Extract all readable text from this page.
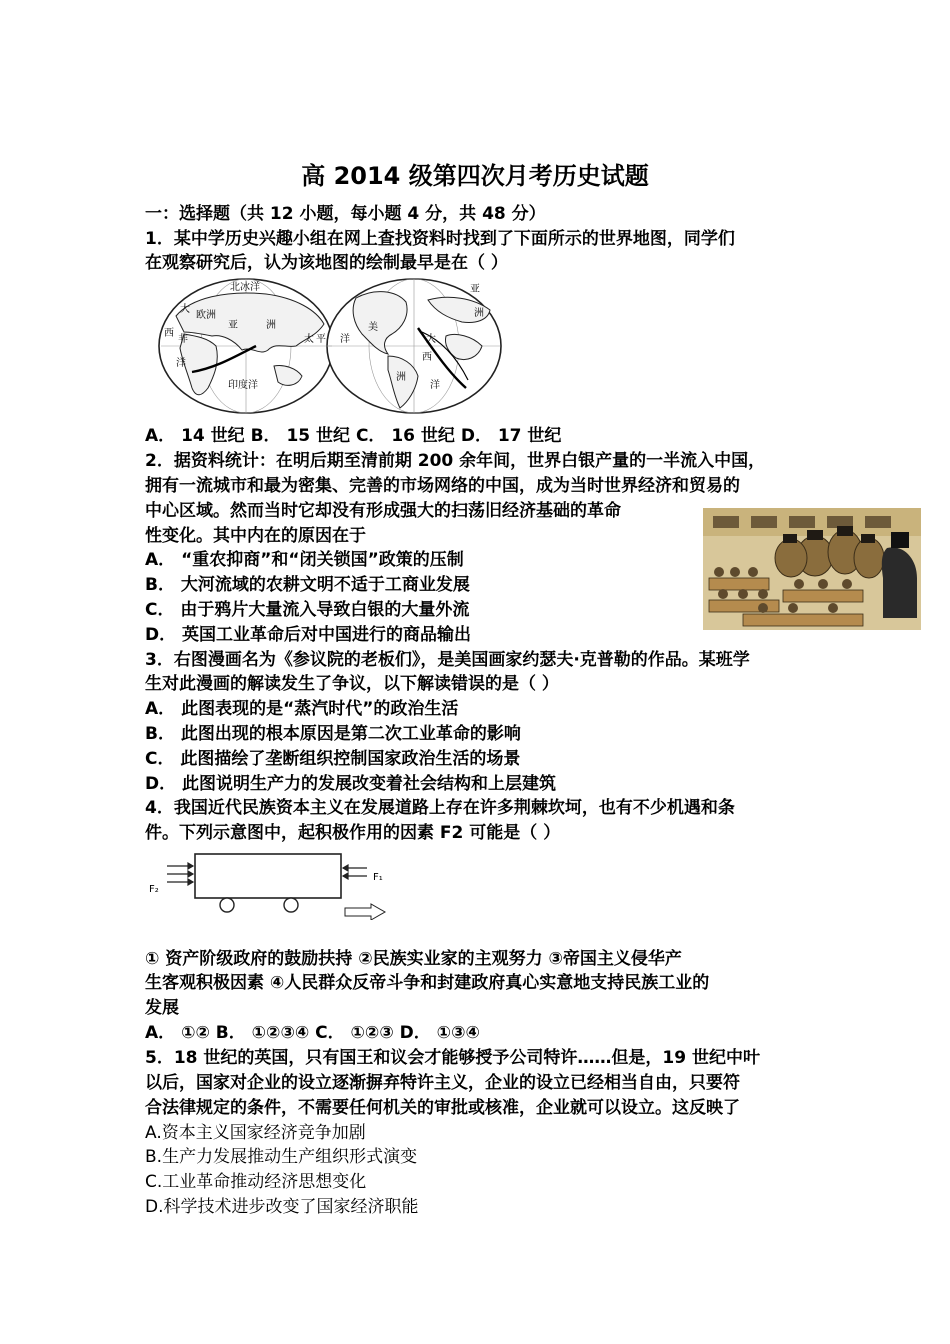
高 2014 级第四次月考历史试题
一：选择题（共 12 小题，每小题 4 分，共 48 分）
1．某中学历史兴趣小组在网上查找资料时找到了下面所示的世界地图，同学们
在观察研究后，认为该地图的绘制最早是在（ ）
北冰洋
大
欧洲
亚	洲
西
非
洋
印度洋
太 平 洋
美
大
亚
洲
西
洋
洲
A． 14 世纪 B． 15 世纪 C． 16 世纪 D． 17 世纪
2．据资料统计：在明后期至清前期 200 余年间，世界白银产量的一半流入中国，
拥有一流城市和最为密集、完善的市场网络的中国，成为当时世界经济和贸易的
中心区域。然而当时它却没有形成强大的扫荡旧经济基础的革命
性变化。其中内在的原因在于
A． “重农抑商”和“闭关锁国”政策的压制
B． 大河流域的农耕文明不适于工商业发展
C． 由于鸦片大量流入导致白银的大量外流
D． 英国工业革命后对中国进行的商品输出
3．右图漫画名为《参议院的老板们》，是美国画家约瑟夫·克普勒的作品。某班学
生对此漫画的解读发生了争议，以下解读错误的是（ ）
A． 此图表现的是“蒸汽时代”的政治生活
B． 此图出现的根本原因是第二次工业革命的影响
C． 此图描绘了垄断组织控制国家政治生活的场景
D． 此图说明生产力的发展改变着社会结构和上层建筑
4．我国近代民族资本主义在发展道路上存在许多荆棘坎坷，也有不少机遇和条
件。下列示意图中，起积极作用的因素 F2 可能是（ ）
F₁
F₂
① 资产阶级政府的鼓励扶持 ②民族实业家的主观努力 ③帝国主义侵华产
生客观积极因素 ④人民群众反帝斗争和封建政府真心实意地支持民族工业的
发展
A． ①② B． ①②③④ C． ①②③ D． ①③④
5．18 世纪的英国，只有国王和议会才能够授予公司特许……但是，19 世纪中叶
以后，国家对企业的设立逐渐摒弃特许主义，企业的设立已经相当自由，只要符
合法律规定的条件，不需要任何机关的审批或核准，企业就可以设立。这反映了
A.资本主义国家经济竞争加剧
B.生产力发展推动生产组织形式演变
C.工业革命推动经济思想变化
D.科学技术进步改变了国家经济职能
